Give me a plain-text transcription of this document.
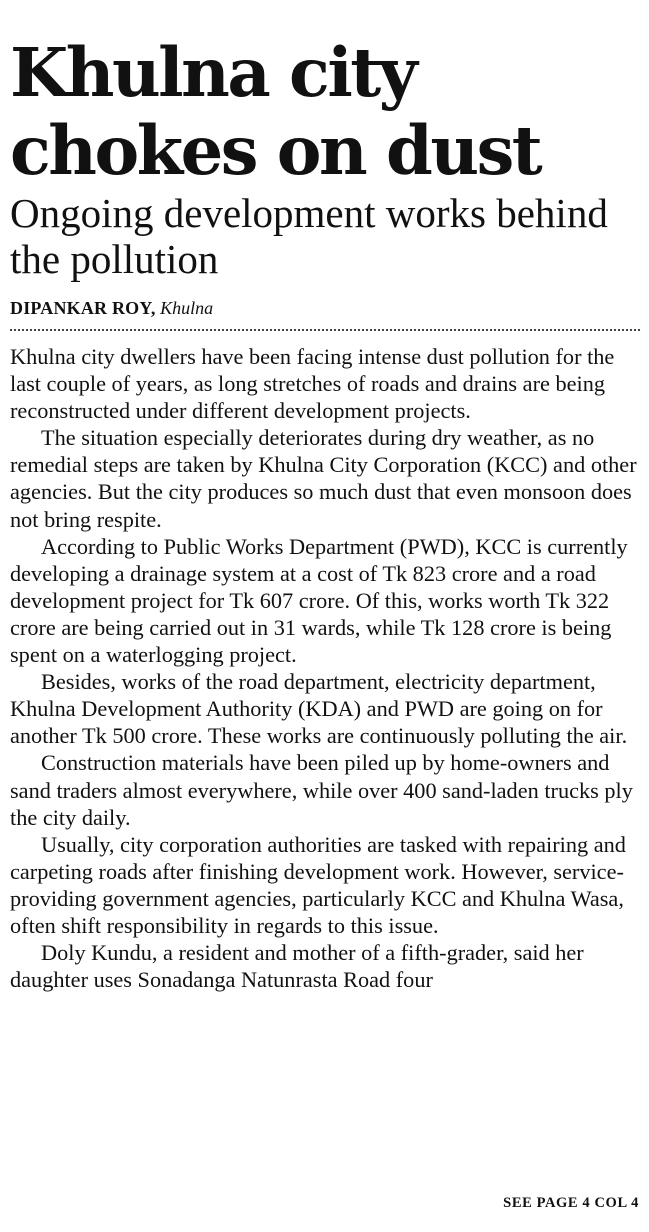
Khulna city chokes on dust
Ongoing development works behind the pollution
DIPANKAR ROY, Khulna

Khulna city dwellers have been facing intense dust pollution for the last couple of years, as long stretches of roads and drains are being reconstructed under different development projects.

The situation especially deteriorates during dry weather, as no remedial steps are taken by Khulna City Corporation (KCC) and other agencies. But the city produces so much dust that even monsoon does not bring respite.

According to Public Works Department (PWD), KCC is currently developing a drainage system at a cost of Tk 823 crore and a road development project for Tk 607 crore. Of this, works worth Tk 322 crore are being carried out in 31 wards, while Tk 128 crore is being spent on a waterlogging project.

Besides, works of the road department, electricity department, Khulna Development Authority (KDA) and PWD are going on for another Tk 500 crore. These works are continuously polluting the air.

Construction materials have been piled up by home-owners and sand traders almost everywhere, while over 400 sand-laden trucks ply the city daily.

Usually, city corporation authorities are tasked with repairing and carpeting roads after finishing development work. However, service-providing government agencies, particularly KCC and Khulna Wasa, often shift responsibility in regards to this issue.

Doly Kundu, a resident and mother of a fifth-grader, said her daughter uses Sonadanga Natunrasta Road four

SEE PAGE 4 COL 4
